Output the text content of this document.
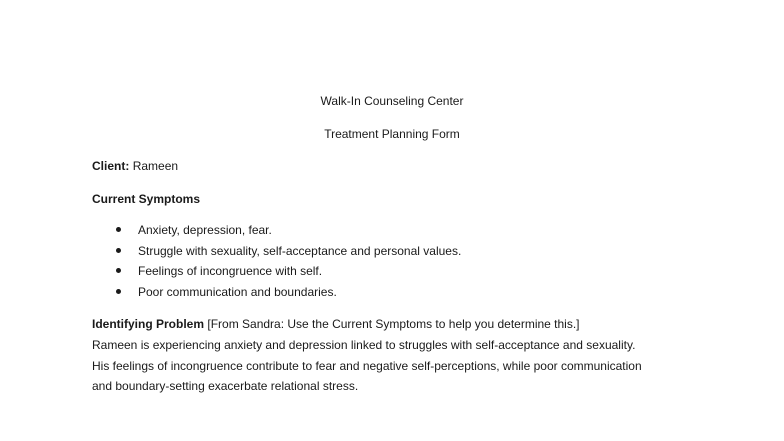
Walk-In Counseling Center
Treatment Planning Form
Client: Rameen
Current Symptoms
Anxiety, depression, fear.
Struggle with sexuality, self-acceptance and personal values.
Feelings of incongruence with self.
Poor communication and boundaries.
Identifying Problem [From Sandra: Use the Current Symptoms to help you determine this.]
Rameen is experiencing anxiety and depression linked to struggles with self-acceptance and sexuality.
His feelings of incongruence contribute to fear and negative self-perceptions, while poor communication
and boundary-setting exacerbate relational stress.
